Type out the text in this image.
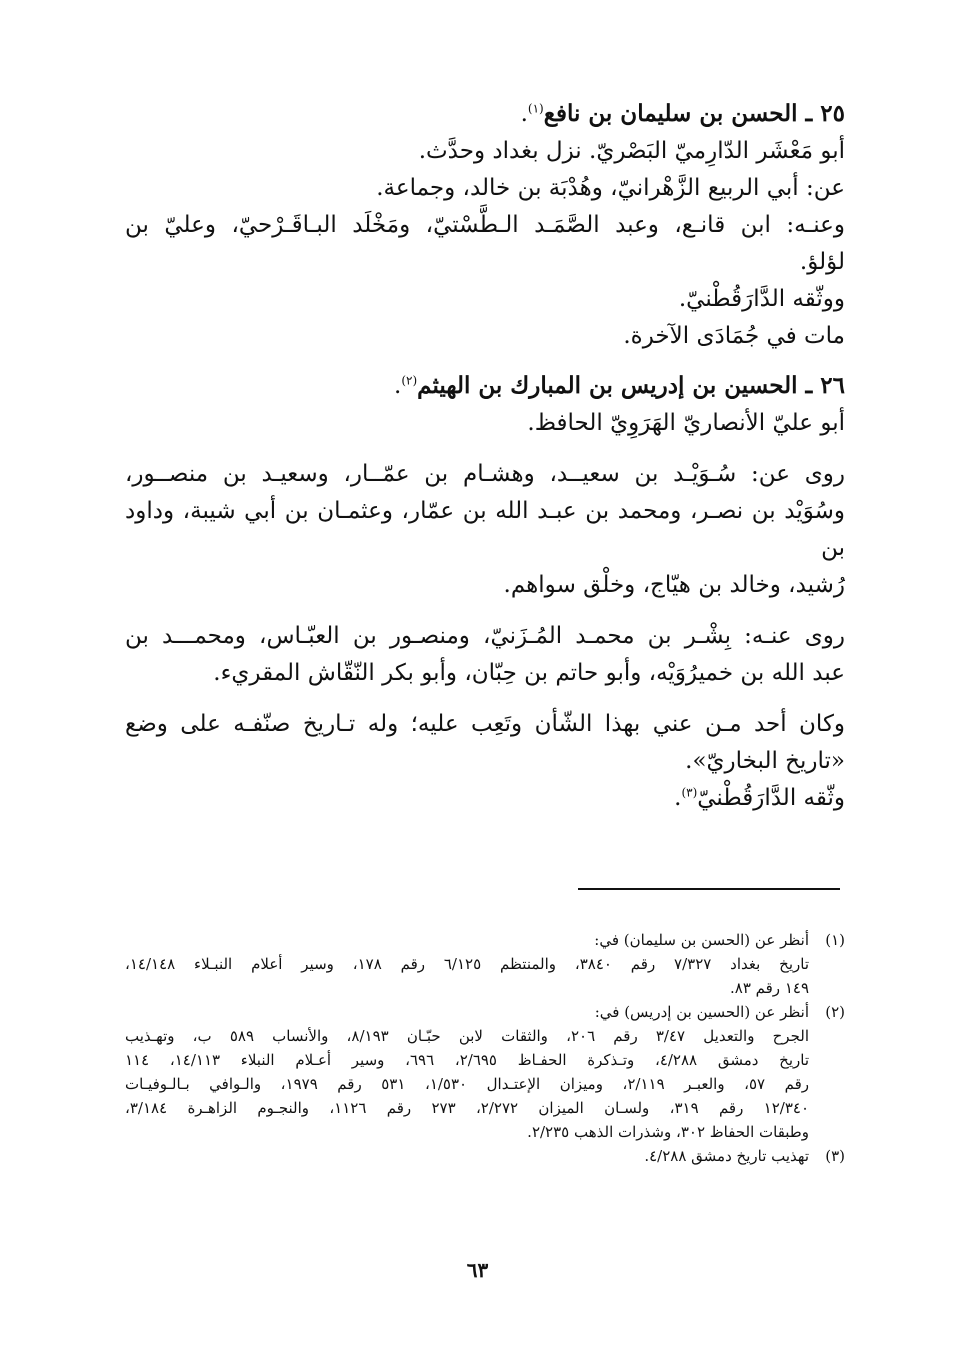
٢٥ ـ الحسن بن سليمان بن نافع$^{(١)}$.
أبو مَعْشَر الدّارِميّ البَصْريّ. نزل بغداد وحدَّث.
عن: أبي الربيع الزَّهْرانيّ، وهُدْبَة بن خالد، وجماعة.
وعنـه: ابن قانـع، وعبد الصَّمَـد الـطَّسْتيّ، ومَخْلَد البـاقَـرْحيّ، وعليّ بن
لؤلؤ.
ووثّقه الدَّارَقُطْنيّ.
مات في جُمَادَى الآخرة.
٢٦ ـ الحسين بن إدريس بن المبارك بن الهيثم$^{(٢)}$.
أبو عليّ الأنصاريّ الهَرَوِيّ الحافظ.
روى عن: سُـوَيْـد بن سعيــد، وهشـام بن عمّــار، وسعيـد بن منصــور،
وسُوَيْد بن نصـر، ومحمد بن عبـد الله بن عمّار، وعثمـان بن أبي شيبة، وداود بن
رُشيد، وخالد بن هيّاج، وخلْق سواهم.
روى عنـه: بِشْـر بن محمـد المُـزَنيّ، ومنصـور بن العبّـاس، ومحمـــد بن
عبد الله بن خميرُوَيْه، وأبو حاتم بن حِبّان، وأبو بكر النّقّاش المقريء.
وكان أحد مـن عني بهذا الشّأن وتَعِب عليه؛ وله تـاريخ صنّفـه على وضع
«تاريخ البخاريّ».
وثّقه الدَّارَقُطْنيّ$^{(٣)}$.
(١)أنظر عن (الحسن بن سليمان) في:
تاريخ بغداد ٧/٣٢٧ رقم ٣٨٤٠، والمنتظم ٦/١٢٥ رقم ١٧٨، وسير أعلام النبـلاء ١٤/١٤٨،
١٤٩ رقم ٨٣.
(٢)أنظر عن (الحسين بن إدريس) في:
الجرح والتعديل ٣/٤٧ رقم ٢٠٦، والثقات لابن حبّـان ٨/١٩٣، والأنساب ٥٨٩ ب، وتهـذيب
تاريخ دمشق ٤/٢٨٨، وتـذكرة الحفـاظ ٢/٦٩٥، ٦٩٦، وسير أعـلام النبلاء ١٤/١١٣، ١١٤
رقم ٥٧، والعبـر ٢/١١٩، وميزان الإعتـدال ١/٥٣٠، ٥٣١ رقم ١٩٧٩، والـوافي بـالـوفيـات
١٢/٣٤٠ رقم ٣١٩، ولسـان الميزان ٢/٢٧٢، ٢٧٣ رقم ١١٢٦، والنجـوم الزاهـرة ٣/١٨٤،
وطبقات الحفاظ ٣٠٢، وشذرات الذهب ٢/٢٣٥.
(٣)تهذيب تاريخ دمشق ٤/٢٨٨.
٦٣
